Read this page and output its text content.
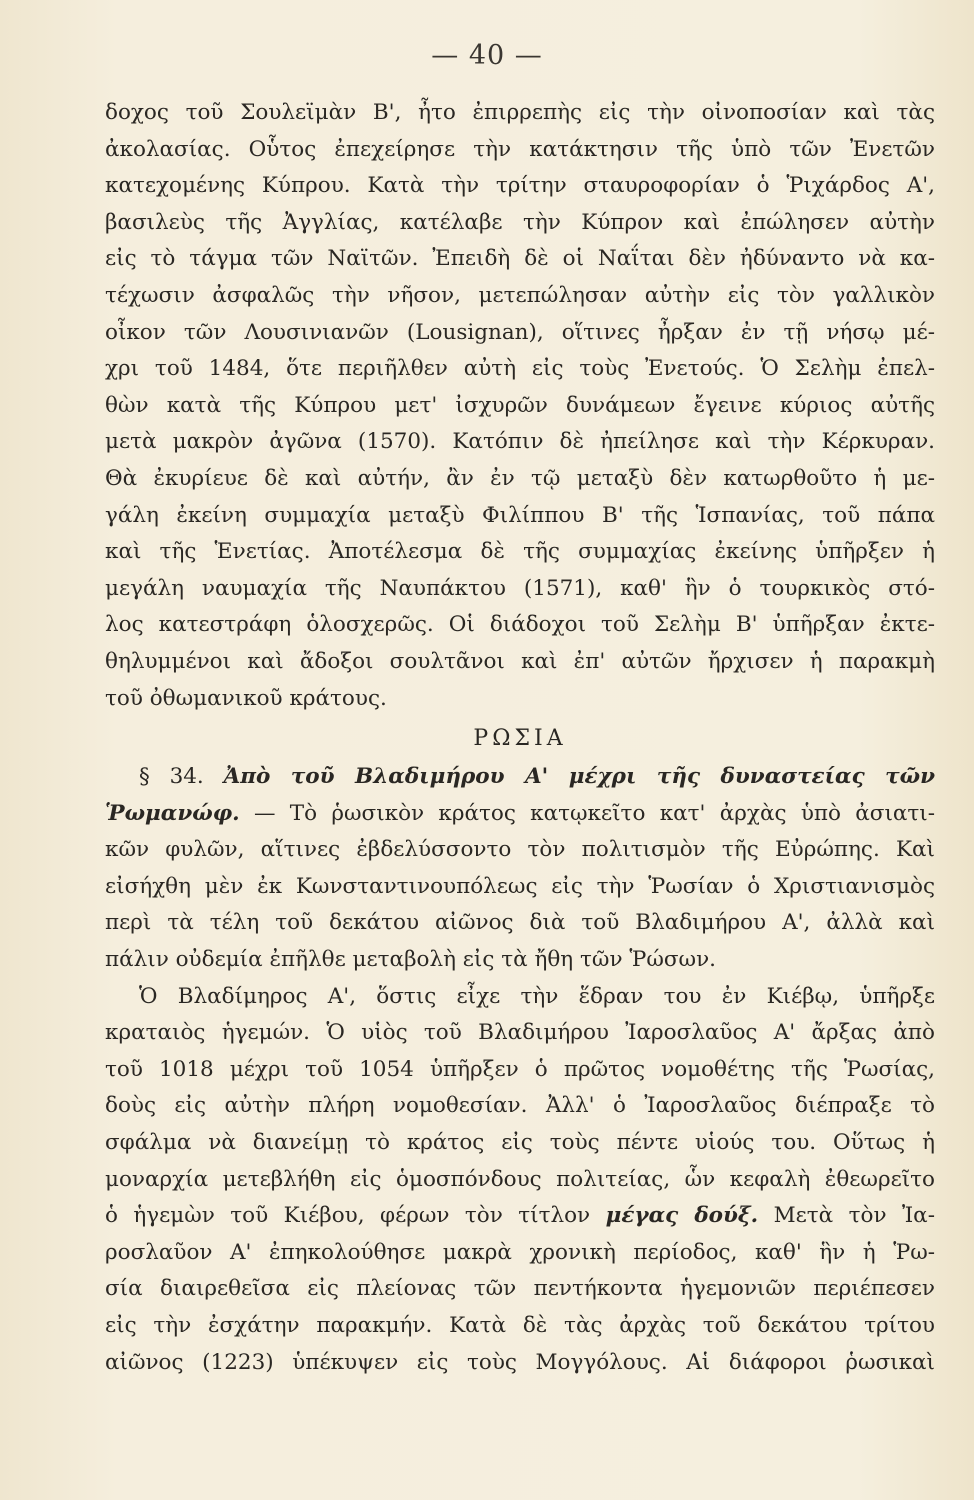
— 40 —
δοχος τοῦ Σουλεϊμὰν Β', ἦτο ἐπιρρεπὴς εἰς τὴν οἰνοποσίαν καὶ τὰς
ἀκολασίας. Οὗτος ἐπεχείρησε τὴν κατάκτησιν τῆς ὑπὸ τῶν Ἐνετῶν
κατεχομένης Κύπρου. Κατὰ τὴν τρίτην σταυροφορίαν ὁ Ῥιχάρδος Α',
βασιλεὺς τῆς Ἀγγλίας, κατέλαβε τὴν Κύπρον καὶ ἐπώλησεν αὐτὴν
εἰς τὸ τάγμα τῶν Ναϊτῶν. Ἐπειδὴ δὲ οἱ Ναΐται δὲν ἠδύναντο νὰ κα-
τέχωσιν ἀσφαλῶς τὴν νῆσον, μετεπώλησαν αὐτὴν εἰς τὸν γαλλικὸν
οἶκον τῶν Λουσινιανῶν (Lousignan), οἵτινες ἦρξαν ἐν τῇ νήσῳ μέ-
χρι τοῦ 1484, ὅτε περιῆλθεν αὐτὴ εἰς τοὺς Ἐνετούς. Ὁ Σελὴμ ἐπελ-
θὼν κατὰ τῆς Κύπρου μετ' ἰσχυρῶν δυνάμεων ἔγεινε κύριος αὐτῆς
μετὰ μακρὸν ἀγῶνα (1570). Κατόπιν δὲ ἠπείλησε καὶ τὴν Κέρκυραν.
Θὰ ἐκυρίευε δὲ καὶ αὐτήν, ἂν ἐν τῷ μεταξὺ δὲν κατωρθοῦτο ἡ με-
γάλη ἐκείνη συμμαχία μεταξὺ Φιλίππου Β' τῆς Ἱσπανίας, τοῦ πάπα
καὶ τῆς Ἑνετίας. Ἀποτέλεσμα δὲ τῆς συμμαχίας ἐκείνης ὑπῆρξεν ἡ
μεγάλη ναυμαχία τῆς Ναυπάκτου (1571), καθ' ἣν ὁ τουρκικὸς στό-
λος κατεστράφη ὁλοσχερῶς. Οἱ διάδοχοι τοῦ Σελὴμ Β' ὑπῆρξαν ἐκτε-
θηλυμμένοι καὶ ἄδοξοι σουλτᾶνοι καὶ ἐπ' αὐτῶν ἤρχισεν ἡ παρακμὴ
τοῦ ὀθωμανικοῦ κράτους.
ΡΩΣΙΑ
§ 34. Ἀπὸ τοῦ Βλαδιμήρου Α' μέχρι τῆς δυναστείας τῶν
Ῥωμανώφ. — Τὸ ῥωσικὸν κράτος κατῳκεῖτο κατ' ἀρχὰς ὑπὸ ἀσιατι-
κῶν φυλῶν, αἵτινες ἐβδελύσσοντο τὸν πολιτισμὸν τῆς Εὐρώπης. Καὶ
εἰσήχθη μὲν ἐκ Κωνσταντινουπόλεως εἰς τὴν Ῥωσίαν ὁ Χριστιανισμὸς
περὶ τὰ τέλη τοῦ δεκάτου αἰῶνος διὰ τοῦ Βλαδιμήρου Α', ἀλλὰ καὶ
πάλιν οὐδεμία ἐπῆλθε μεταβολὴ εἰς τὰ ἤθη τῶν Ῥώσων.
Ὁ Βλαδίμηρος Α', ὅστις εἶχε τὴν ἕδραν του ἐν Κιέβῳ, ὑπῆρξε
κραταιὸς ἡγεμών. Ὁ υἱὸς τοῦ Βλαδιμήρου Ἰαροσλαῦος Α' ἄρξας ἀπὸ
τοῦ 1018 μέχρι τοῦ 1054 ὑπῆρξεν ὁ πρῶτος νομοθέτης τῆς Ῥωσίας,
δοὺς εἰς αὐτὴν πλήρη νομοθεσίαν. Ἀλλ' ὁ Ἰαροσλαῦος διέπραξε τὸ
σφάλμα νὰ διανείμῃ τὸ κράτος εἰς τοὺς πέντε υἱούς του. Οὕτως ἡ
μοναρχία μετεβλήθη εἰς ὁμοσπόνδους πολιτείας, ὧν κεφαλὴ ἐθεωρεῖτο
ὁ ἡγεμὼν τοῦ Κιέβου, φέρων τὸν τίτλον μέγας δούξ. Μετὰ τὸν Ἰα-
ροσλαῦον Α' ἐπηκολούθησε μακρὰ χρονικὴ περίοδος, καθ' ἣν ἡ Ῥω-
σία διαιρεθεῖσα εἰς πλείονας τῶν πεντήκοντα ἡγεμονιῶν περιέπεσεν
εἰς τὴν ἐσχάτην παρακμήν. Κατὰ δὲ τὰς ἀρχὰς τοῦ δεκάτου τρίτου
αἰῶνος (1223) ὑπέκυψεν εἰς τοὺς Μογγόλους. Αἱ διάφοροι ῥωσικαὶ
